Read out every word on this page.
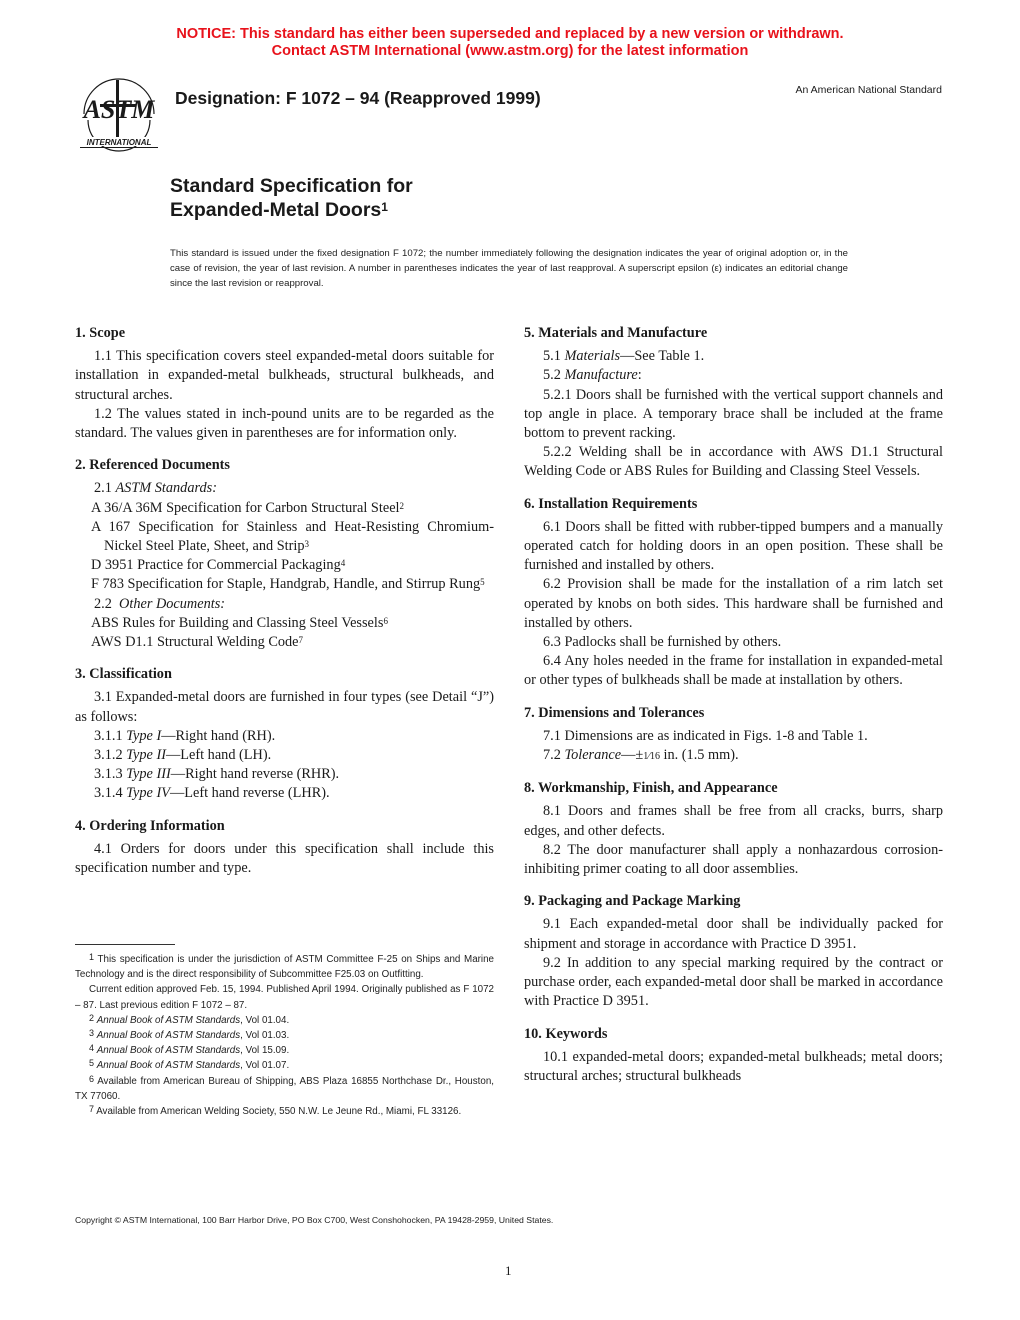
NOTICE: This standard has either been superseded and replaced by a new version or withdrawn.
Contact ASTM International (www.astm.org) for the latest information
ASTM
INTERNATIONAL
Designation: F 1072 – 94 (Reapproved 1999)	An American National Standard
Standard Specification for
Expanded-Metal Doors$^1$
This standard is issued under the fixed designation F 1072; the number immediately following the designation indicates the year of original adoption or, in the case of revision, the year of last revision. A number in parentheses indicates the year of last reapproval. A superscript epsilon (ε) indicates an editorial change since the last revision or reapproval.
1. Scope

1.1 This specification covers steel expanded-metal doors suitable for installation in expanded-metal bulkheads, structural bulkheads, and structural arches.

1.2 The values stated in inch-pound units are to be regarded as the standard. The values given in parentheses are for information only.

2. Referenced Documents

2.1 ASTM Standards:

A 36/A 36M Specification for Carbon Structural Steel$^2$

A 167 Specification for Stainless and Heat-Resisting Chromium-Nickel Steel Plate, Sheet, and Strip$^3$

D 3951 Practice for Commercial Packaging$^4$

F 783 Specification for Staple, Handgrab, Handle, and Stirrup Rung$^5$

2.2 Other Documents:

ABS Rules for Building and Classing Steel Vessels$^6$

AWS D1.1 Structural Welding Code$^7$

3. Classification

3.1 Expanded-metal doors are furnished in four types (see Detail “J”) as follows:

3.1.1 Type I—Right hand (RH).

3.1.2 Type II—Left hand (LH).

3.1.3 Type III—Right hand reverse (RHR).

3.1.4 Type IV—Left hand reverse (LHR).

4. Ordering Information

4.1 Orders for doors under this specification shall include this specification number and type.

5. Materials and Manufacture

5.1 Materials—See Table 1.

5.2 Manufacture:

5.2.1 Doors shall be furnished with the vertical support channels and top angle in place. A temporary brace shall be included at the frame bottom to prevent racking.

5.2.2 Welding shall be in accordance with AWS D1.1 Structural Welding Code or ABS Rules for Building and Classing Steel Vessels.

6. Installation Requirements

6.1 Doors shall be fitted with rubber-tipped bumpers and a manually operated catch for holding doors in an open position. These shall be furnished and installed by others.

6.2 Provision shall be made for the installation of a rim latch set operated by knobs on both sides. This hardware shall be furnished and installed by others.

6.3 Padlocks shall be furnished by others.

6.4 Any holes needed in the frame for installation in expanded-metal or other types of bulkheads shall be made at installation by others.

7. Dimensions and Tolerances

7.1 Dimensions are as indicated in Figs. 1-8 and Table 1.

7.2 Tolerance—±1⁄16 in. (1.5 mm).

8. Workmanship, Finish, and Appearance

8.1 Doors and frames shall be free from all cracks, burrs, sharp edges, and other defects.

8.2 The door manufacturer shall apply a nonhazardous corrosion-inhibiting primer coating to all door assemblies.

9. Packaging and Package Marking

9.1 Each expanded-metal door shall be individually packed for shipment and storage in accordance with Practice D 3951.

9.2 In addition to any special marking required by the contract or purchase order, each expanded-metal door shall be marked in accordance with Practice D 3951.

10. Keywords

10.1 expanded-metal doors; expanded-metal bulkheads; metal doors; structural arches; structural bulkheads

$^1$ This specification is under the jurisdiction of ASTM Committee F-25 on Ships and Marine Technology and is the direct responsibility of Subcommittee F25.03 on Outfitting.

Current edition approved Feb. 15, 1994. Published April 1994. Originally published as F 1072 – 87. Last previous edition F 1072 – 87.

$^2$ Annual Book of ASTM Standards, Vol 01.04.

$^3$ Annual Book of ASTM Standards, Vol 01.03.

$^4$ Annual Book of ASTM Standards, Vol 15.09.

$^5$ Annual Book of ASTM Standards, Vol 01.07.

$^6$ Available from American Bureau of Shipping, ABS Plaza 16855 Northchase Dr., Houston, TX 77060.

$^7$ Available from American Welding Society, 550 N.W. Le Jeune Rd., Miami, FL 33126.

Copyright © ASTM International, 100 Barr Harbor Drive, PO Box C700, West Conshohocken, PA 19428-2959, United States.
1
